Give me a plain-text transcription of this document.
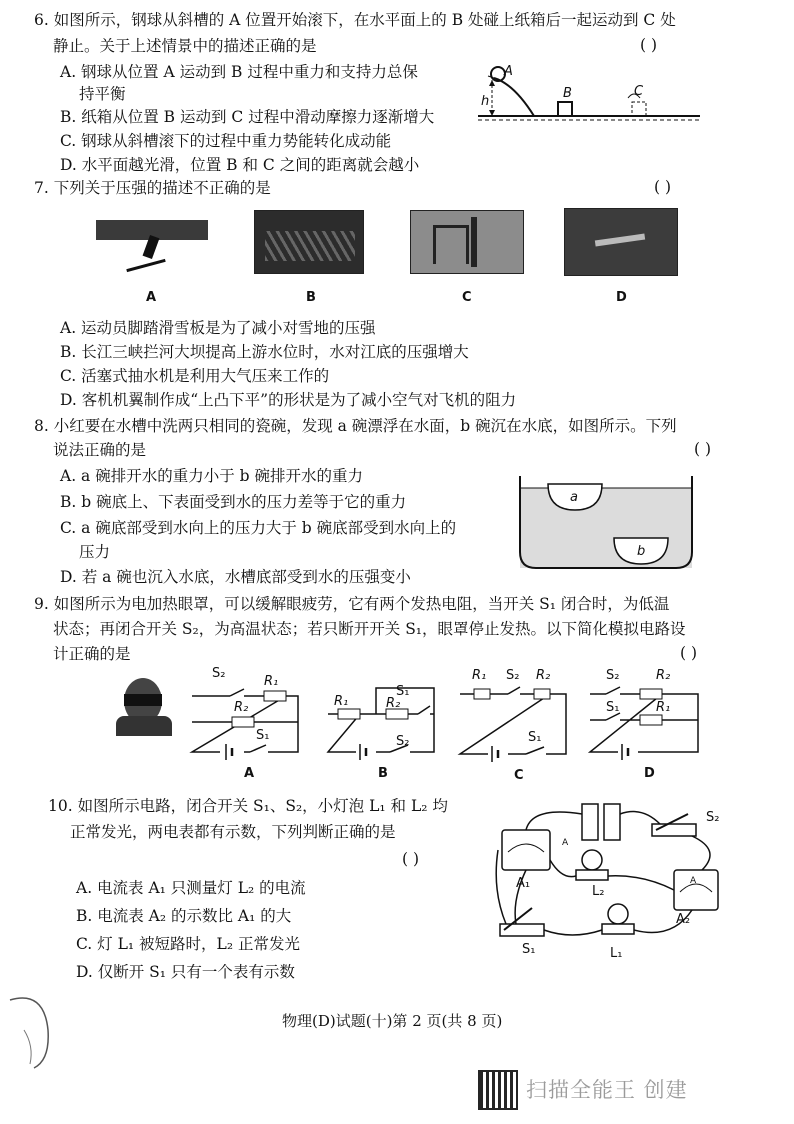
6. 如图所示，钢球从斜槽的 A 位置开始滚下，在水平面上的 B 处碰上纸箱后一起运动到 C 处
静止。关于上述情景中的描述正确的是	( )
A. 钢球从位置 A 运动到 B 过程中重力和支持力总保
持平衡
B. 纸箱从位置 B 运动到 C 过程中滑动摩擦力逐渐增大
C. 钢球从斜槽滚下的过程中重力势能转化成动能
D. 水平面越光滑，位置 B 和 C 之间的距离就会越小
A
h
B	C
7. 下列关于压强的描述不正确的是	( )
A	B	C	D
A. 运动员脚踏滑雪板是为了减小对雪地的压强
B. 长江三峡拦河大坝提高上游水位时，水对江底的压强增大
C. 活塞式抽水机是利用大气压来工作的
D. 客机机翼制作成“上凸下平”的形状是为了减小空气对飞机的阻力
8. 小红要在水槽中洗两只相同的瓷碗，发现 a 碗漂浮在水面，b 碗沉在水底，如图所示。下列
说法正确的是	( )
A. a 碗排开水的重力小于 b 碗排开水的重力
B. b 碗底上、下表面受到水的压力差等于它的重力
C. a 碗底部受到水向上的压力大于 b 碗底部受到水向上的
压力
D. 若 a 碗也沉入水底，水槽底部受到水的压强变小
a
b
9. 如图所示为电加热眼罩，可以缓解眼疲劳，它有两个发热电阻，当开关 S₁ 闭合时，为低温
状态；再闭合开关 S₂，为高温状态；若只断开开关 S₁，眼罩停止发热。以下简化模拟电路设
计正确的是	( )
S₂
R₁
R₂
S₁
R₁
S₁
R₂
S₂
R₁ S₂ R₂
S₁
S₂	R₂
S₁	R₁
A	B	C	D
10. 如图所示电路，闭合开关 S₁、S₂，小灯泡 L₁ 和 L₂ 均
正常发光，两电表都有示数，下列判断正确的是
( )
A. 电流表 A₁ 只测量灯 L₂ 的电流
B. 电流表 A₂ 的示数比 A₁ 的大
C. 灯 L₁ 被短路时，L₂ 正常发光
D. 仅断开 S₁ 只有一个表有示数
A
A
S₂
A₁
L₂
A₂
S₁	L₁
物理(D)试题(十)第 2 页(共 8 页)
扫描全能王 创建
